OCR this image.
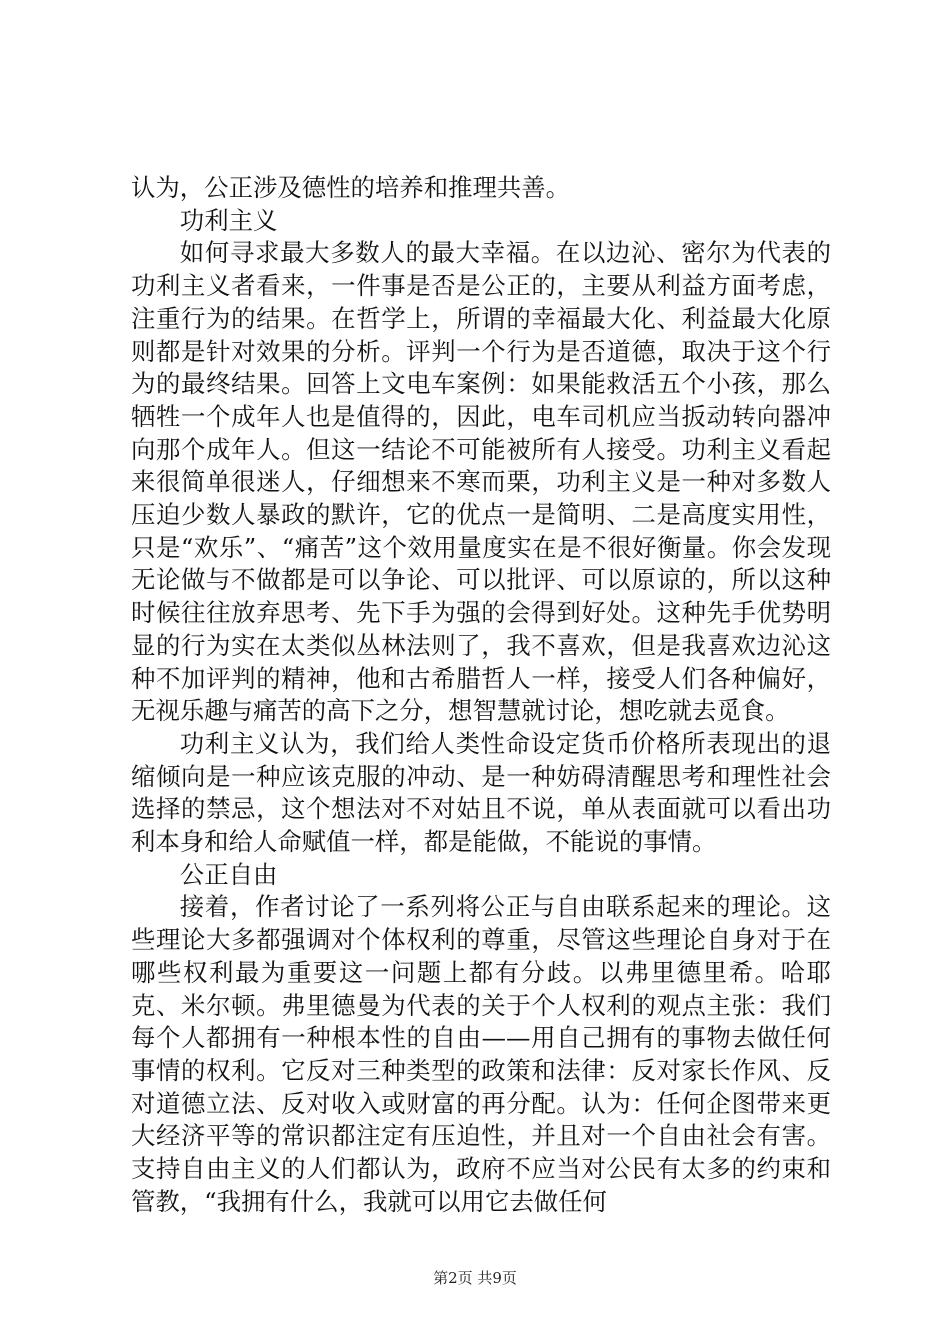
认为，公正涉及德性的培养和推理共善。

功利主义

如何寻求最大多数人的最大幸福。在以边沁、密尔为代表的功利主义者看来，一件事是否是公正的，主要从利益方面考虑，注重行为的结果。在哲学上，所谓的幸福最大化、利益最大化原则都是针对效果的分析。评判一个行为是否道德，取决于这个行为的最终结果。回答上文电车案例：如果能救活五个小孩，那么牺牲一个成年人也是值得的，因此，电车司机应当扳动转向器冲向那个成年人。但这一结论不可能被所有人接受。功利主义看起来很简单很迷人，仔细想来不寒而栗，功利主义是一种对多数人压迫少数人暴政的默许，它的优点一是简明、二是高度实用性，只是“欢乐”、“痛苦”这个效用量度实在是不很好衡量。你会发现无论做与不做都是可以争论、可以批评、可以原谅的，所以这种时候往往放弃思考、先下手为强的会得到好处。这种先手优势明显的行为实在太类似丛林法则了，我不喜欢，但是我喜欢边沁这种不加评判的精神，他和古希腊哲人一样，接受人们各种偏好，无视乐趣与痛苦的高下之分，想智慧就讨论，想吃就去觅食。

功利主义认为，我们给人类性命设定货币价格所表现出的退缩倾向是一种应该克服的冲动、是一种妨碍清醒思考和理性社会选择的禁忌，这个想法对不对姑且不说，单从表面就可以看出功利本身和给人命赋值一样，都是能做，不能说的事情。

公正自由

接着，作者讨论了一系列将公正与自由联系起来的理论。这些理论大多都强调对个体权利的尊重，尽管这些理论自身对于在哪些权利最为重要这一问题上都有分歧。以弗里德里希。哈耶克、米尔顿。弗里德曼为代表的关于个人权利的观点主张：我们每个人都拥有一种根本性的自由——用自己拥有的事物去做任何事情的权利。它反对三种类型的政策和法律：反对家长作风、反对道德立法、反对收入或财富的再分配。认为：任何企图带来更大经济平等的常识都注定有压迫性，并且对一个自由社会有害。支持自由主义的人们都认为，政府不应当对公民有太多的约束和管教，“我拥有什么，我就可以用它去做任何

第2页 共9页
